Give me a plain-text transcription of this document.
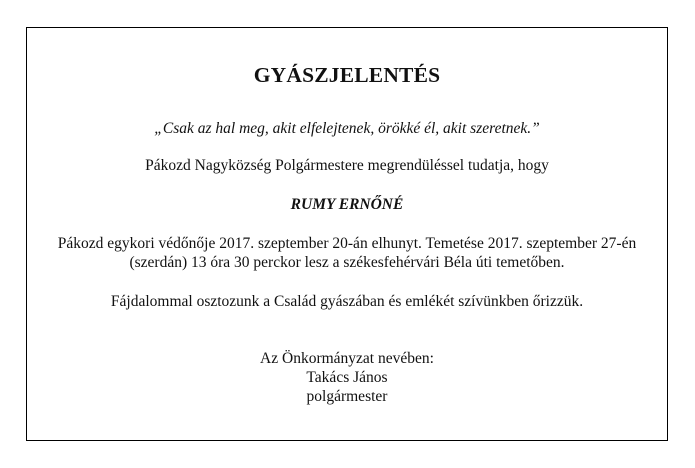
GYÁSZJELENTÉS
„Csak az hal meg, akit elfelejtenek, örökké él, akit szeretnek.”
Pákozd Nagyközség Polgármestere megrendüléssel tudatja, hogy
RUMY ERNŐNÉ
Pákozd egykori védőnője 2017. szeptember 20-án elhunyt. Temetése 2017. szeptember 27-én
(szerdán) 13 óra 30 perckor lesz a székesfehérvári Béla úti temetőben.
Fájdalommal osztozunk a Család gyászában és emlékét szívünkben őrizzük.
Az Önkormányzat nevében:
Takács János
polgármester
